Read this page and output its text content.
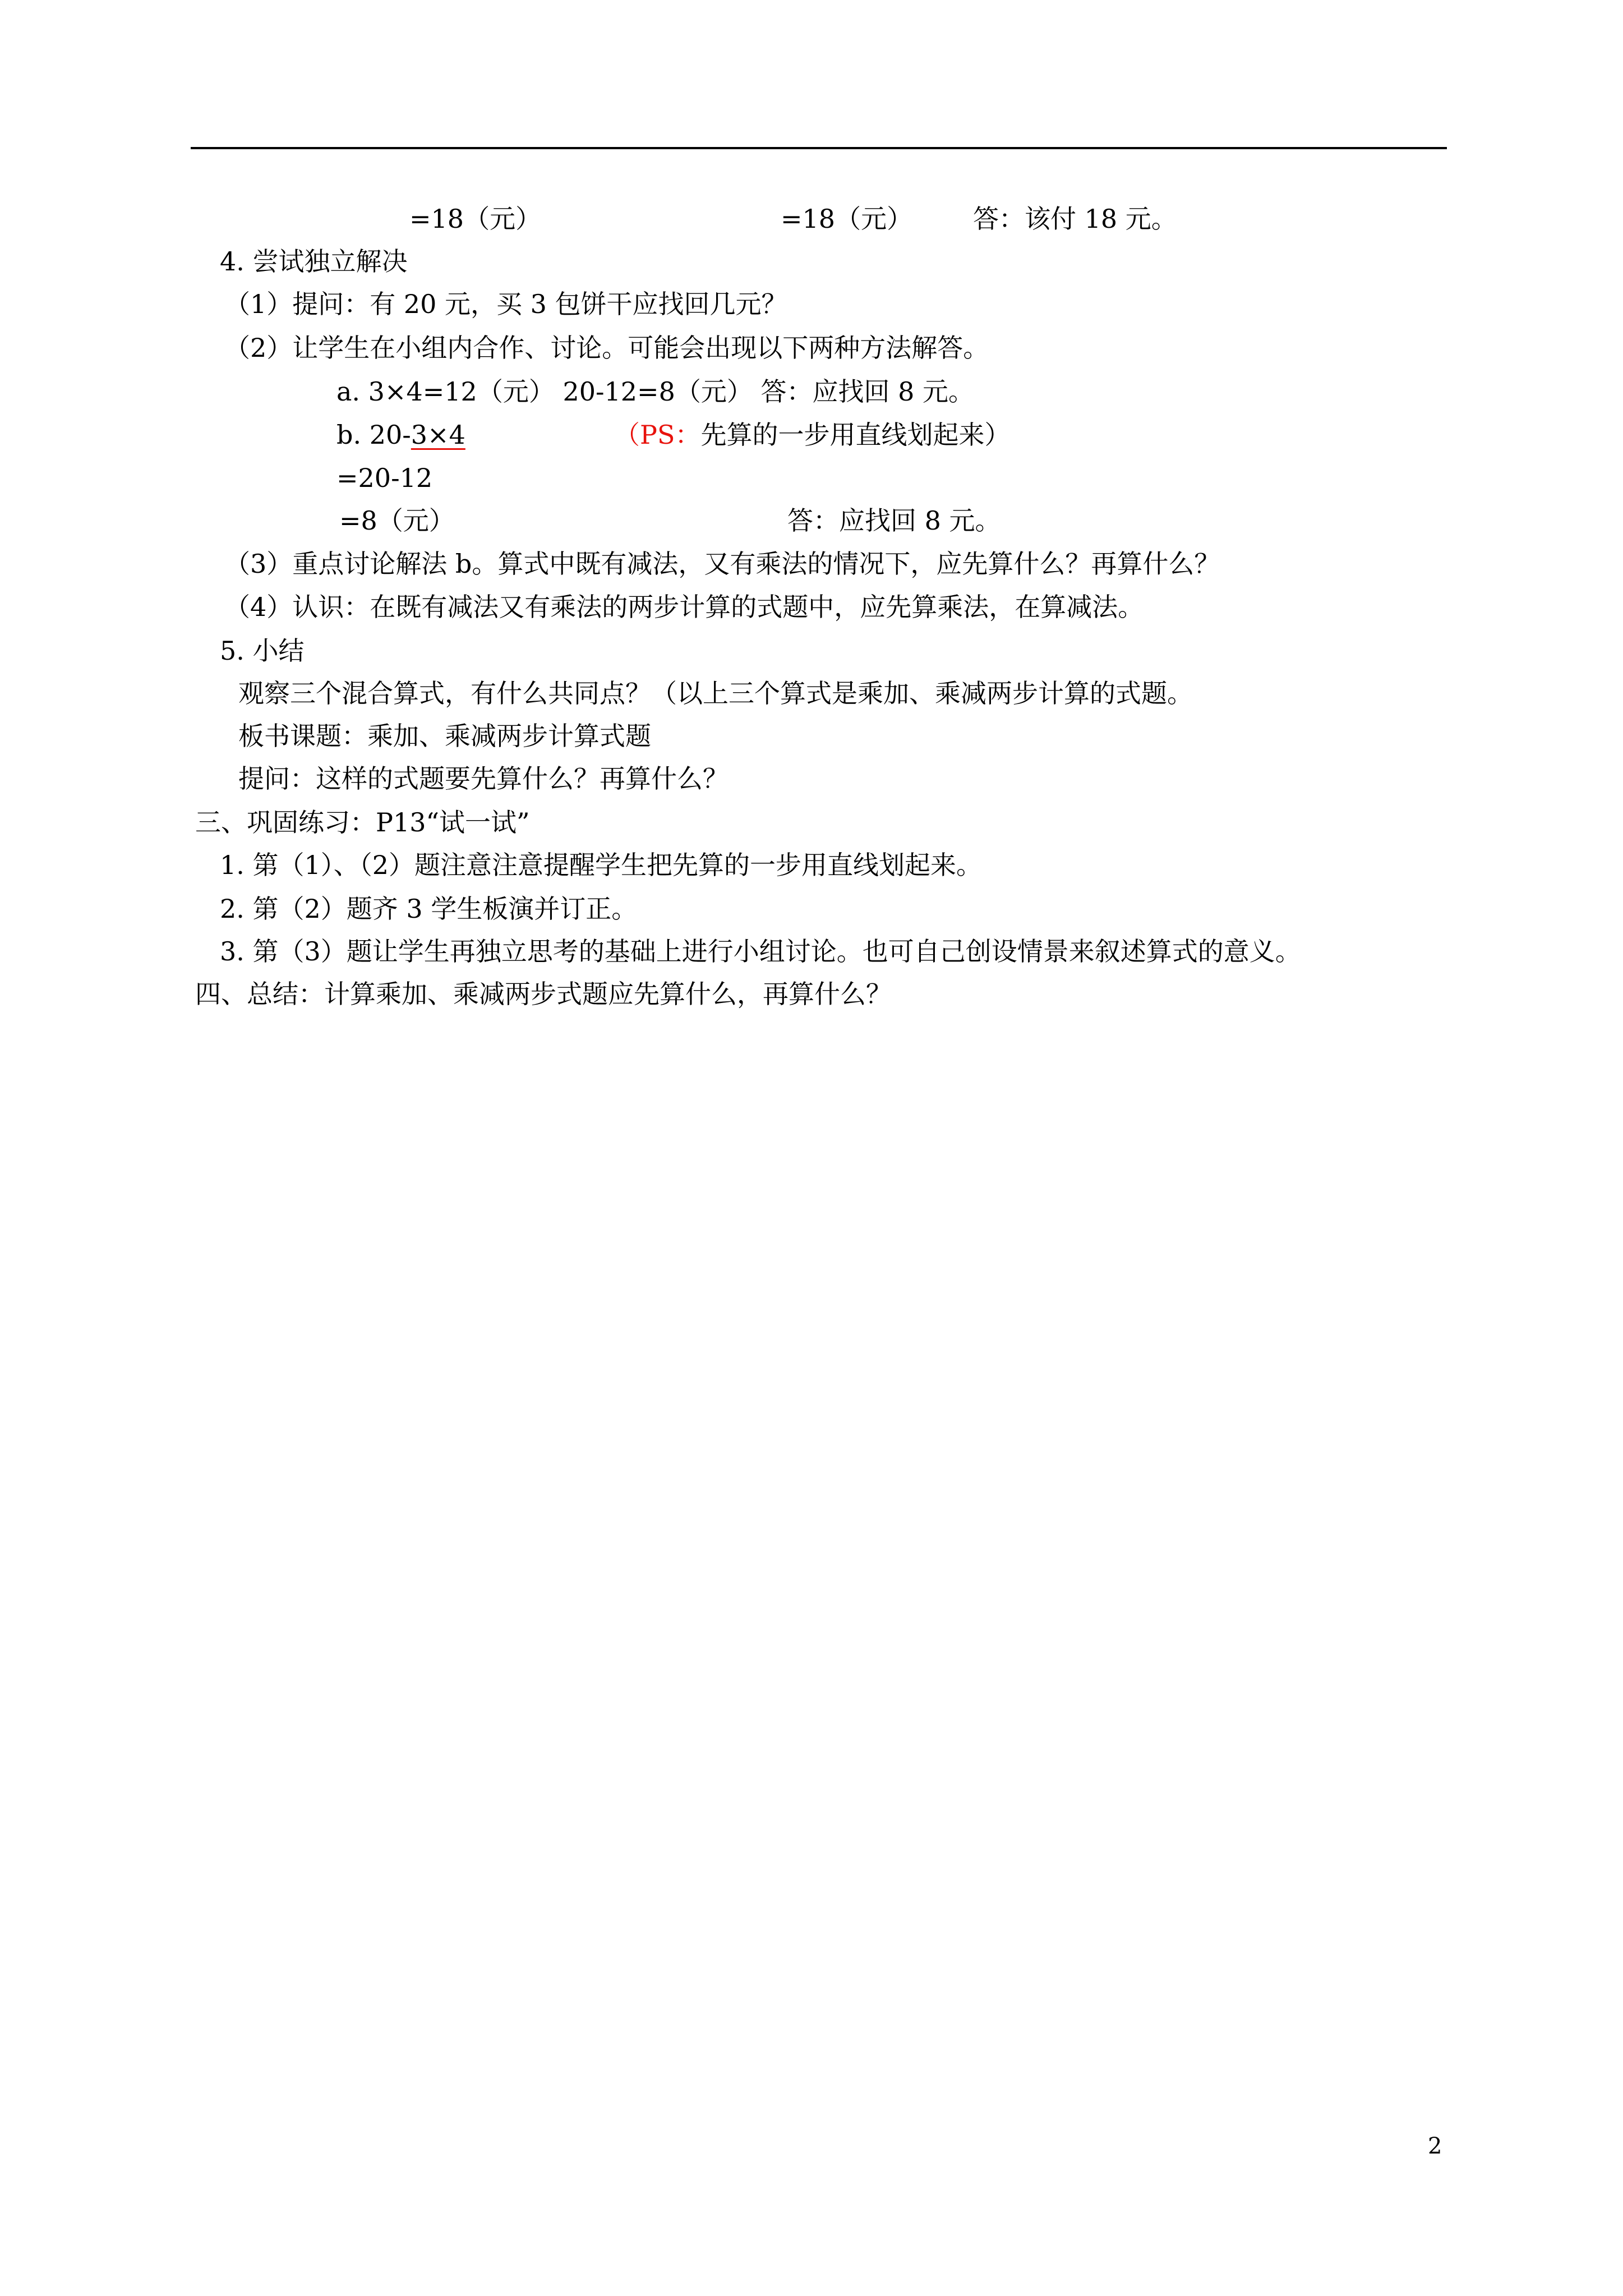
=18（元）	=18（元） 答：该付 18 元。
4. 尝试独立解决
（1）提问：有 20 元，买 3 包饼干应找回几元？
（2）让学生在小组内合作、讨论。可能会出现以下两种方法解答。
a. 3×4=12（元） 20-12=8（元） 答：应找回 8 元。
b. 20-3×4	（PS：先算的一步用直线划起来）
=20-12
=8（元）	答：应找回 8 元。
（3）重点讨论解法 b。算式中既有减法，又有乘法的情况下，应先算什么？再算什么？
（4）认识：在既有减法又有乘法的两步计算的式题中，应先算乘法，在算减法。
5. 小结
观察三个混合算式，有什么共同点？（以上三个算式是乘加、乘减两步计算的式题。
板书课题：乘加、乘减两步计算式题
提问：这样的式题要先算什么？再算什么？
三、巩固练习：P13“试一试”
1. 第（1）、（2）题注意注意提醒学生把先算的一步用直线划起来。
2. 第（2）题齐 3 学生板演并订正。
3. 第（3）题让学生再独立思考的基础上进行小组讨论。也可自己创设情景来叙述算式的意义。
四、总结：计算乘加、乘减两步式题应先算什么，再算什么？
2
